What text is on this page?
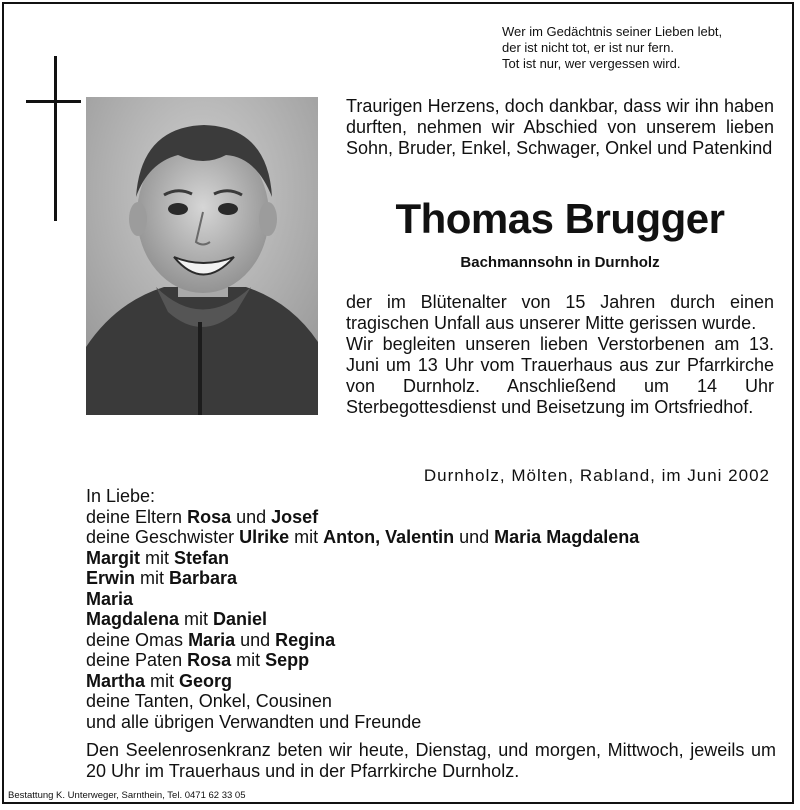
Wer im Gedächtnis seiner Lieben lebt,
der ist nicht tot, er ist nur fern.
Tot ist nur, wer vergessen wird.
Traurigen Herzens, doch dankbar, dass wir ihn haben durften, nehmen wir Abschied von unserem lieben Sohn, Bruder, Enkel, Schwager, Onkel und Patenkind
Thomas Brugger
Bachmannsohn in Durnholz

der im Blütenalter von 15 Jahren durch einen tragischen Unfall aus unserer Mitte gerissen wurde.

Wir begleiten unseren lieben Verstorbenen am 13. Juni um 13 Uhr vom Trauerhaus aus zur Pfarrkirche von Durnholz. Anschließend um 14 Uhr Sterbegottesdienst und Beisetzung im Ortsfriedhof.

Durnholz, Mölten, Rabland, im Juni 2002
In Liebe:
deine Eltern Rosa und Josef
deine Geschwister Ulrike mit Anton, Valentin und Maria Magdalena
Margit mit Stefan
Erwin mit Barbara
Maria
Magdalena mit Daniel
deine Omas Maria und Regina
deine Paten Rosa mit Sepp
Martha mit Georg
deine Tanten, Onkel, Cousinen
und alle übrigen Verwandten und Freunde
Den Seelenrosenkranz beten wir heute, Dienstag, und morgen, Mittwoch, jeweils um 20 Uhr im Trauerhaus und in der Pfarrkirche Durnholz.
Bestattung K. Unterweger, Sarnthein, Tel. 0471 62 33 05
